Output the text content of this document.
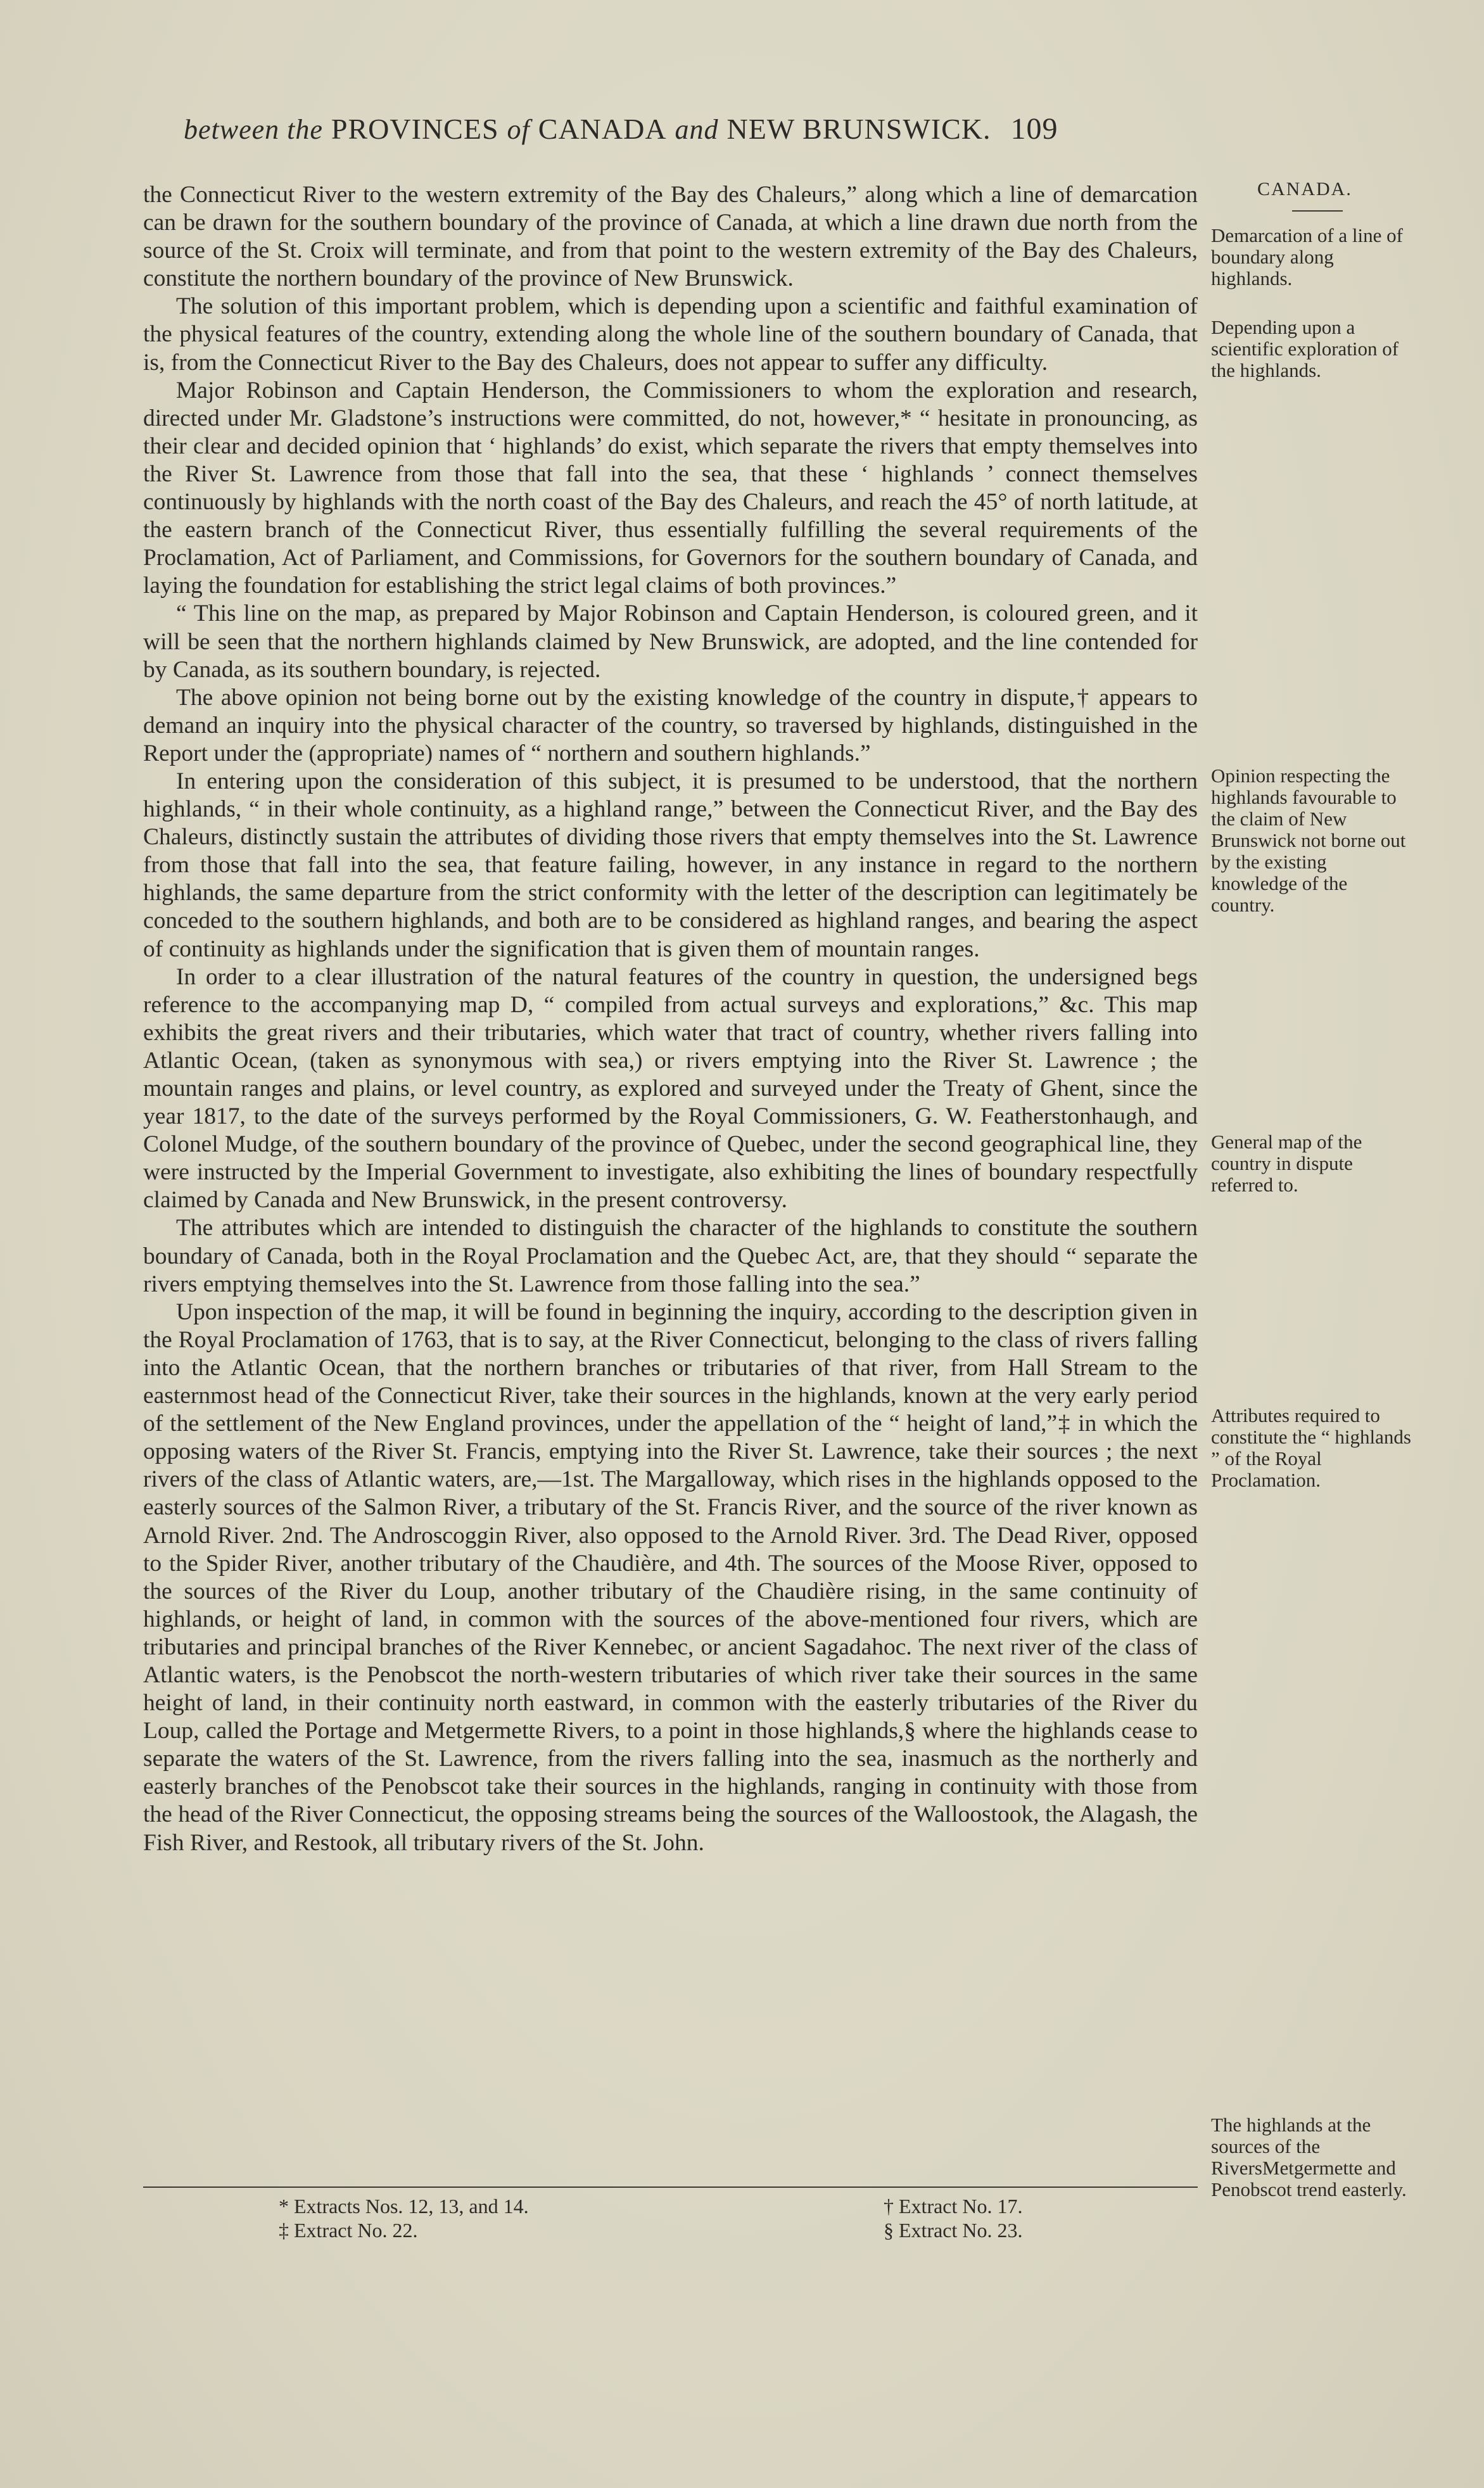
between the PROVINCES of CANADA and NEW BRUNSWICK. 109
CANADA.

the Connecticut River to the western extremity of the Bay des Chaleurs,” along which a line of demarcation can be drawn for the southern boundary of the province of Canada, at which a line drawn due north from the source of the St. Croix will terminate, and from that point to the western extremity of the Bay des Chaleurs, constitute the northern boundary of the province of New Brunswick.

The solution of this important problem, which is depending upon a scientific and faithful examination of the physical features of the country, extending along the whole line of the southern boundary of Canada, that is, from the Connecticut River to the Bay des Chaleurs, does not appear to suffer any difficulty.

Major Robinson and Captain Henderson, the Commissioners to whom the exploration and research, directed under Mr. Gladstone’s instructions were committed, do not, however,* “ hesitate in pronouncing, as their clear and decided opinion that ‘ highlands’ do exist, which separate the rivers that empty themselves into the River St. Lawrence from those that fall into the sea, that these ‘ highlands ’ connect themselves continuously by highlands with the north coast of the Bay des Chaleurs, and reach the 45° of north latitude, at the eastern branch of the Connecticut River, thus essentially fulfilling the several requirements of the Proclamation, Act of Parliament, and Commissions, for Governors for the southern boundary of Canada, and laying the foundation for establishing the strict legal claims of both provinces.”

“ This line on the map, as prepared by Major Robinson and Captain Henderson, is coloured green, and it will be seen that the northern highlands claimed by New Brunswick, are adopted, and the line contended for by Canada, as its southern boundary, is rejected.

The above opinion not being borne out by the existing knowledge of the country in dispute,† appears to demand an inquiry into the physical character of the country, so traversed by highlands, distinguished in the Report under the (appropriate) names of “ northern and southern highlands.”

In entering upon the consideration of this subject, it is presumed to be understood, that the northern highlands, “ in their whole continuity, as a highland range,” between the Connecticut River, and the Bay des Chaleurs, distinctly sustain the attributes of dividing those rivers that empty themselves into the St. Lawrence from those that fall into the sea, that feature failing, however, in any instance in regard to the northern highlands, the same departure from the strict conformity with the letter of the description can legitimately be conceded to the southern highlands, and both are to be considered as highland ranges, and bearing the aspect of continuity as highlands under the signification that is given them of mountain ranges.

In order to a clear illustration of the natural features of the country in question, the undersigned begs reference to the accompanying map D, “ compiled from actual surveys and explorations,” &c. This map exhibits the great rivers and their tributaries, which water that tract of country, whether rivers falling into Atlantic Ocean, (taken as synonymous with sea,) or rivers emptying into the River St. Lawrence ; the mountain ranges and plains, or level country, as explored and surveyed under the Treaty of Ghent, since the year 1817, to the date of the surveys performed by the Royal Commissioners, G. W. Featherstonhaugh, and Colonel Mudge, of the southern boundary of the province of Quebec, under the second geographical line, they were instructed by the Imperial Government to investigate, also exhibiting the lines of boundary respectfully claimed by Canada and New Brunswick, in the present controversy.

The attributes which are intended to distinguish the character of the highlands to constitute the southern boundary of Canada, both in the Royal Proclamation and the Quebec Act, are, that they should “ separate the rivers emptying themselves into the St. Lawrence from those falling into the sea.”

Upon inspection of the map, it will be found in beginning the inquiry, according to the description given in the Royal Proclamation of 1763, that is to say, at the River Connecticut, belonging to the class of rivers falling into the Atlantic Ocean, that the northern branches or tributaries of that river, from Hall Stream to the easternmost head of the Connecticut River, take their sources in the highlands, known at the very early period of the settlement of the New England provinces, under the appellation of the “ height of land,”‡ in which the opposing waters of the River St. Francis, emptying into the River St. Lawrence, take their sources ; the next rivers of the class of Atlantic waters, are,—1st. The Margalloway, which rises in the highlands opposed to the easterly sources of the Salmon River, a tributary of the St. Francis River, and the source of the river known as Arnold River. 2nd. The Androscoggin River, also opposed to the Arnold River. 3rd. The Dead River, opposed to the Spider River, another tributary of the Chaudière, and 4th. The sources of the Moose River, opposed to the sources of the River du Loup, another tributary of the Chaudière rising, in the same continuity of highlands, or height of land, in common with the sources of the above-mentioned four rivers, which are tributaries and principal branches of the River Kennebec, or ancient Sagadahoc. The next river of the class of Atlantic waters, is the Penobscot the north-western tributaries of which river take their sources in the same height of land, in their continuity north eastward, in common with the easterly tributaries of the River du Loup, called the Portage and Metgermette Rivers, to a point in those highlands,§ where the highlands cease to separate the waters of the St. Lawrence, from the rivers falling into the sea, inasmuch as the northerly and easterly branches of the Penobscot take their sources in the highlands, ranging in continuity with those from the head of the River Connecticut, the opposing streams being the sources of the Walloostook, the Alagash, the Fish River, and Restook, all tributary rivers of the St. John.

Demarcation of a line of boundary along highlands.
Depending upon a scientific exploration of the highlands.
Opinion respecting the highlands favourable to the claim of New Brunswick not borne out by the existing knowledge of the country.
General map of the country in dispute referred to.
Attributes required to constitute the “ highlands ” of the Royal Proclamation.
The highlands at the sources of the RiversMetgermette and Penobscot trend easterly.
* Extracts Nos. 12, 13, and 14.	† Extract No. 17.
‡ Extract No. 22.	§ Extract No. 23.
